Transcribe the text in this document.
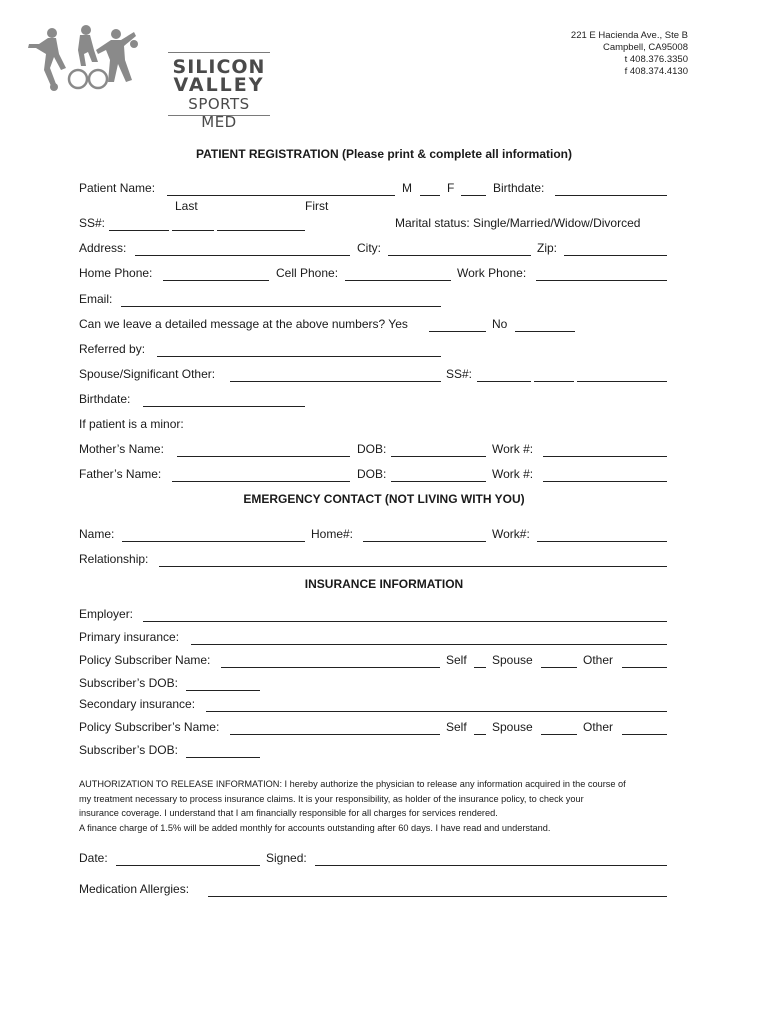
SILICON
VALLEY
SPORTS MED
221 E Hacienda Ave., Ste B
Campbell, CA95008
t 408.376.3350
f 408.374.4130
PATIENT REGISTRATION (Please print & complete all information)
Patient Name:	M	F	Birthdate:
Last	First
SS#:	Marital status: Single/Married/Widow/Divorced
Address:	City:	Zip:
Home Phone:	Cell Phone:	Work Phone:
Email:
Can we leave a detailed message at the above numbers? Yes	No
Referred by:
Spouse/Significant Other:	SS#:
Birthdate:
If patient is a minor:
Mother’s Name:	DOB:	Work #:
Father’s Name:	DOB:	Work #:
EMERGENCY CONTACT (NOT LIVING WITH YOU)
Name:	Home#:	Work#:
Relationship:
INSURANCE INFORMATION
Employer:
Primary insurance:
Policy Subscriber Name:	Self Spouse	Other
Subscriber’s DOB:
Secondary insurance:
Policy Subscriber’s Name:	Self Spouse	Other
Subscriber’s DOB:

AUTHORIZATION TO RELEASE INFORMATION: I hereby authorize the physician to release any information acquired in the course of

my treatment necessary to process insurance claims. It is your responsibility, as holder of the insurance policy, to check your

insurance coverage. I understand that I am financially responsible for all charges for services rendered.

A finance charge of 1.5% will be added monthly for accounts outstanding after 60 days. I have read and understand.

Date:	Signed:
Medication Allergies:
